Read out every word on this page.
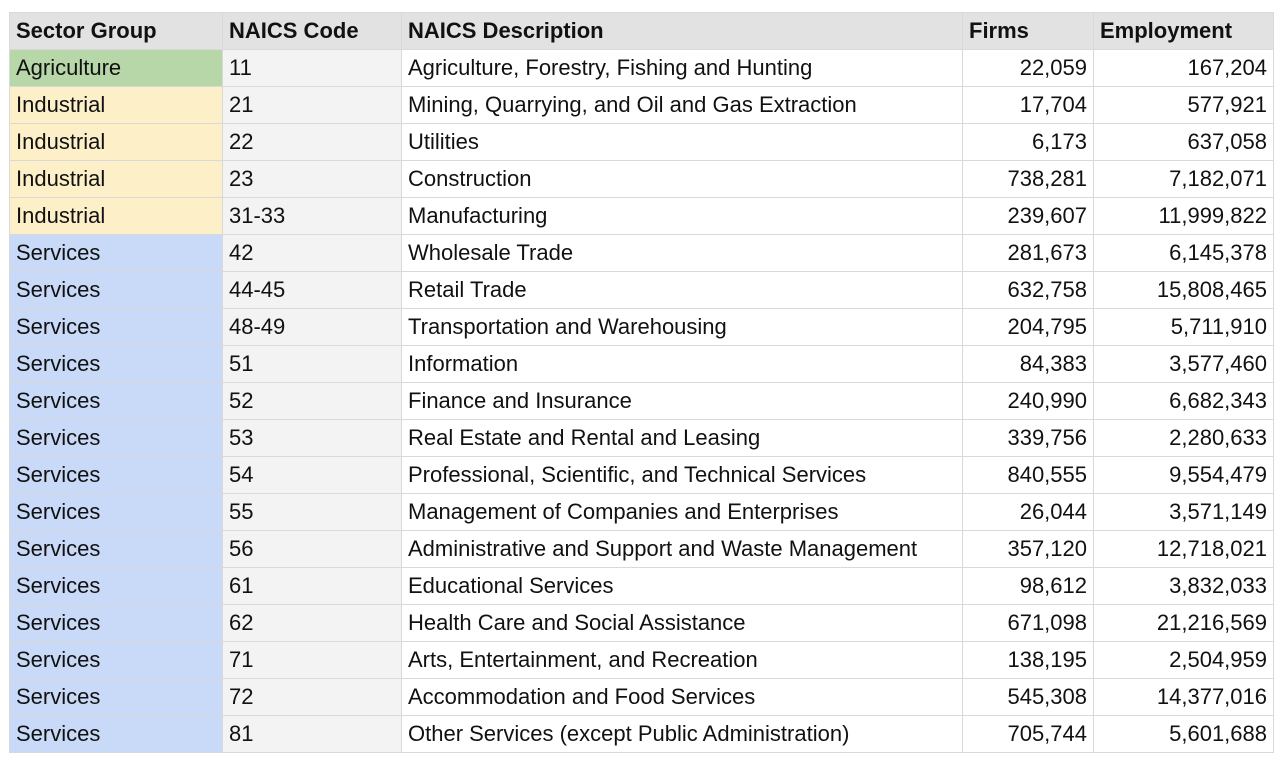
Sector Group	NAICS Code	NAICS Description	Firms	Employment
Agriculture	11	Agriculture, Forestry, Fishing and Hunting	22,059	167,204
Industrial	21	Mining, Quarrying, and Oil and Gas Extraction	17,704	577,921
Industrial	22	Utilities	6,173	637,058
Industrial	23	Construction	738,281	7,182,071
Industrial	31-33	Manufacturing	239,607	11,999,822
Services	42	Wholesale Trade	281,673	6,145,378
Services	44-45	Retail Trade	632,758	15,808,465
Services	48-49	Transportation and Warehousing	204,795	5,711,910
Services	51	Information	84,383	3,577,460
Services	52	Finance and Insurance	240,990	6,682,343
Services	53	Real Estate and Rental and Leasing	339,756	2,280,633
Services	54	Professional, Scientific, and Technical Services	840,555	9,554,479
Services	55	Management of Companies and Enterprises	26,044	3,571,149
Services	56	Administrative and Support and Waste Management	357,120	12,718,021
Services	61	Educational Services	98,612	3,832,033
Services	62	Health Care and Social Assistance	671,098	21,216,569
Services	71	Arts, Entertainment, and Recreation	138,195	2,504,959
Services	72	Accommodation and Food Services	545,308	14,377,016
Services	81	Other Services (except Public Administration)	705,744	5,601,688
